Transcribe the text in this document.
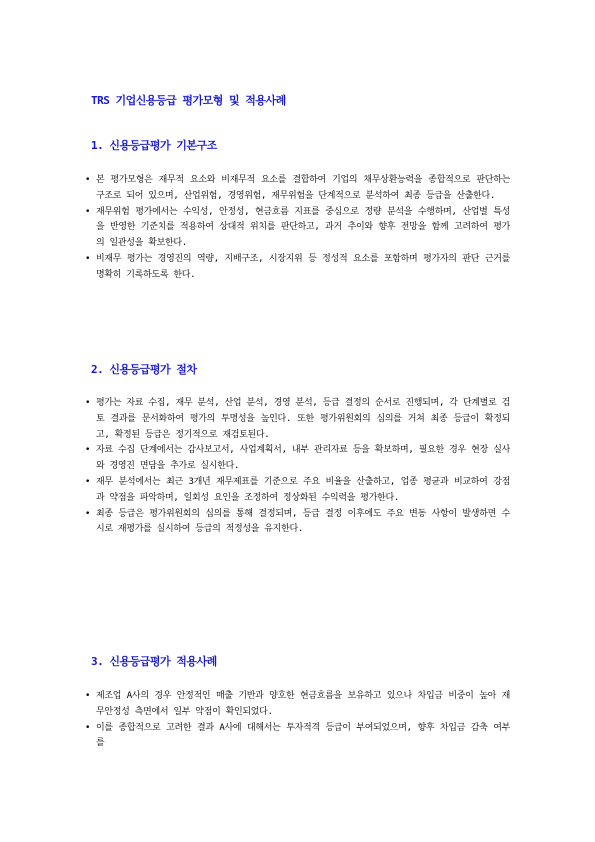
TRS 기업신용등급 평가모형 및 적용사례
1. 신용등급평가 기본구조
• 본 평가모형은 재무적 요소와 비재무적 요소를 결합하여 기업의 채무상환능력을 종합적으로 판단하는 구조로 되어 있으며, 산업위험, 경영위험, 재무위험을 단계적으로 분석하여 최종 등급을 산출한다.
• 재무위험 평가에서는 수익성, 안정성, 현금흐름 지표를 중심으로 정량 분석을 수행하며, 산업별 특성을 반영한 기준치를 적용하여 상대적 위치를 판단하고, 과거 추이와 향후 전망을 함께 고려하여 평가의 일관성을 확보한다.
• 비재무 평가는 경영진의 역량, 지배구조, 시장지위 등 정성적 요소를 포함하며 평가자의 판단 근거를 명확히 기록하도록 한다.
2. 신용등급평가 절차
• 평가는 자료 수집, 재무 분석, 산업 분석, 경영 분석, 등급 결정의 순서로 진행되며, 각 단계별로 검토 결과를 문서화하여 평가의 투명성을 높인다. 또한 평가위원회의 심의를 거쳐 최종 등급이 확정되고, 확정된 등급은 정기적으로 재검토된다.
• 자료 수집 단계에서는 감사보고서, 사업계획서, 내부 관리자료 등을 확보하며, 필요한 경우 현장 실사와 경영진 면담을 추가로 실시한다.
• 재무 분석에서는 최근 3개년 재무제표를 기준으로 주요 비율을 산출하고, 업종 평균과 비교하여 강점과 약점을 파악하며, 일회성 요인을 조정하여 정상화된 수익력을 평가한다.
• 최종 등급은 평가위원회의 심의를 통해 결정되며, 등급 결정 이후에도 주요 변동 사항이 발생하면 수시로 재평가를 실시하여 등급의 적정성을 유지한다.
3. 신용등급평가 적용사례
• 제조업 A사의 경우 안정적인 매출 기반과 양호한 현금흐름을 보유하고 있으나 차입금 비중이 높아 재무안정성 측면에서 일부 약점이 확인되었다.
• 이를 종합적으로 고려한 결과 A사에 대해서는 투자적격 등급이 부여되었으며, 향후 차입금 감축 여부를
